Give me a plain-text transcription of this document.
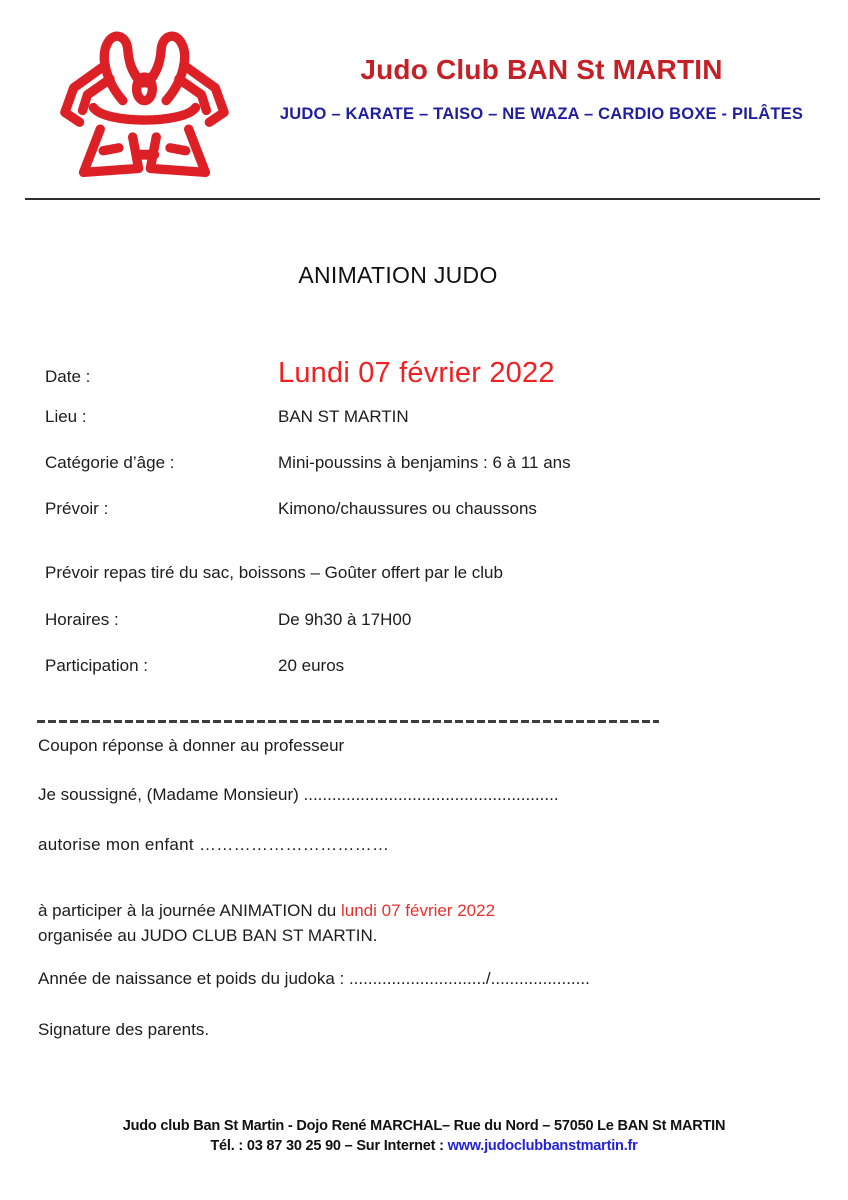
Judo Club BAN St MARTIN
JUDO – KARATE – TAISO – NE WAZA – CARDIO BOXE - PILÂTES
ANIMATION JUDO
Date :	Lundi 07 février 2022
Lieu :	BAN ST MARTIN
Catégorie d’âge :	Mini-poussins à benjamins : 6 à 11 ans
Prévoir :	Kimono/chaussures ou chaussons
Prévoir repas tiré du sac, boissons – Goûter offert par le club
Horaires :	De 9h30 à 17H00
Participation :	20 euros
Coupon réponse à donner au professeur
Je soussigné, (Madame Monsieur) ......................................................
autorise mon enfant ……………………………
à participer à la journée ANIMATION du lundi 07 février 2022
organisée au JUDO CLUB BAN ST MARTIN.
Année de naissance et poids du judoka : ............................./.....................
Signature des parents.
Judo club Ban St Martin - Dojo René MARCHAL– Rue du Nord – 57050 Le BAN St MARTIN
Tél. : 03 87 30 25 90 – Sur Internet : www.judoclubbanstmartin.fr
